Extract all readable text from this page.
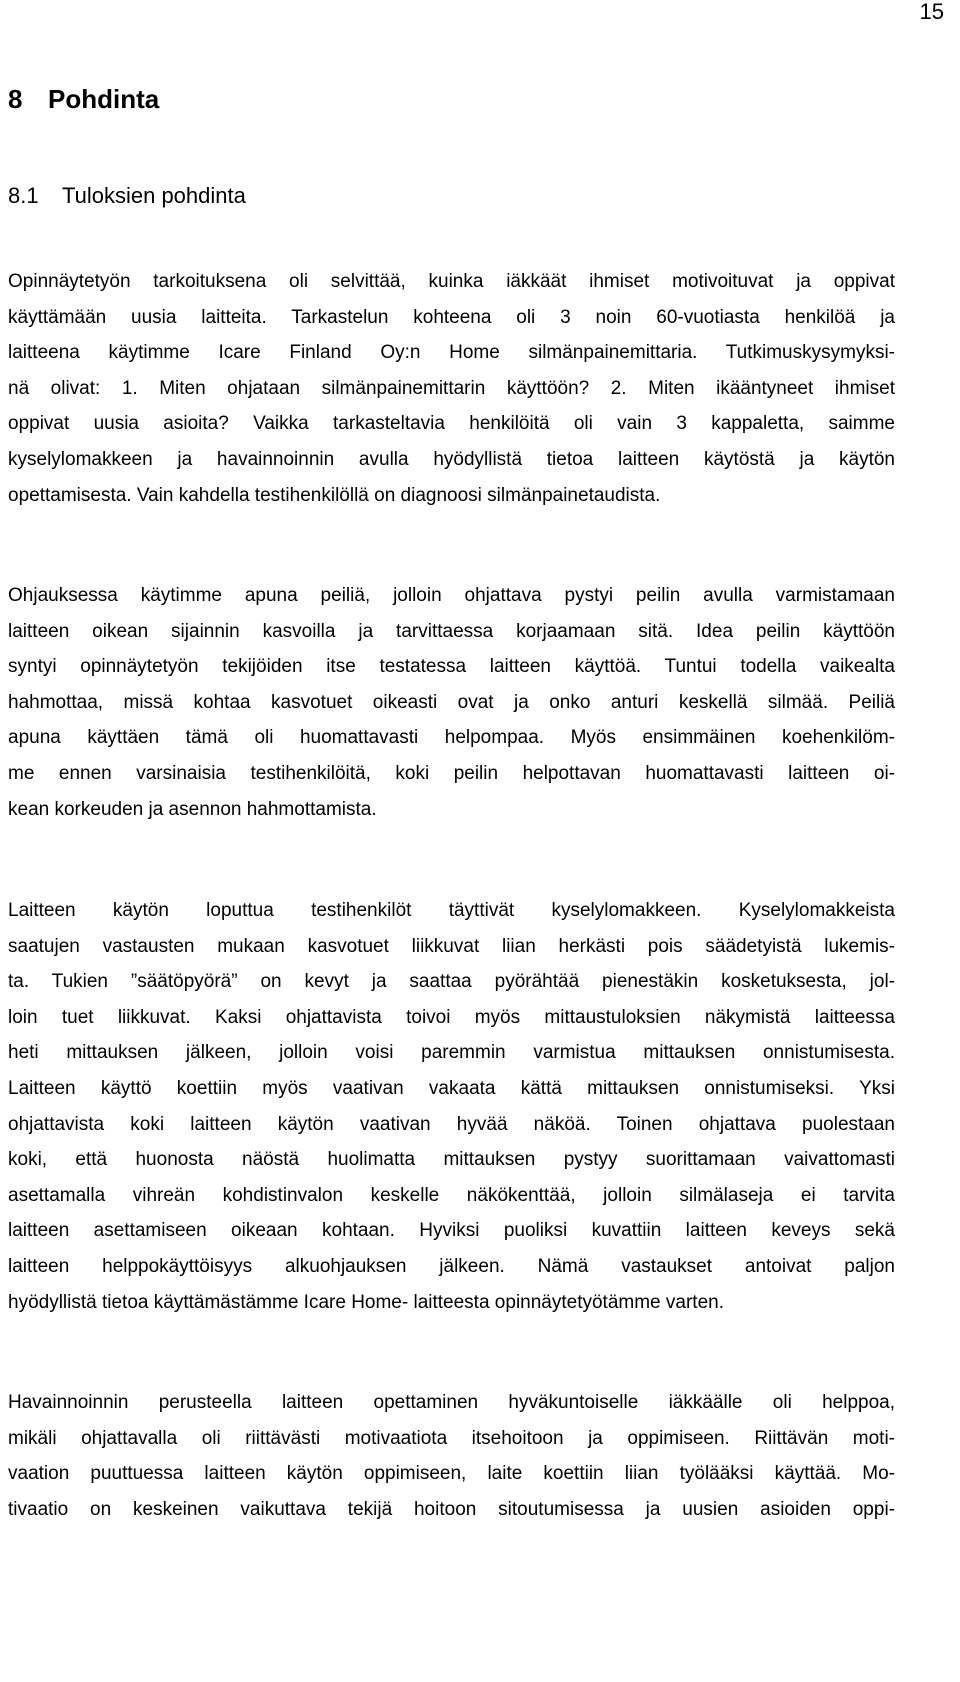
15
8 Pohdinta
8.1 Tuloksien pohdinta
Opinnäytetyön tarkoituksena oli selvittää, kuinka iäkkäät ihmiset motivoituvat ja oppivat
käyttämään uusia laitteita. Tarkastelun kohteena oli 3 noin 60-vuotiasta henkilöä ja
laitteena käytimme Icare Finland Oy:n Home silmänpainemittaria. Tutkimuskysymyksi-
nä olivat: 1. Miten ohjataan silmänpainemittarin käyttöön? 2. Miten ikääntyneet ihmiset
oppivat uusia asioita? Vaikka tarkasteltavia henkilöitä oli vain 3 kappaletta, saimme
kyselylomakkeen ja havainnoinnin avulla hyödyllistä tietoa laitteen käytöstä ja käytön
opettamisesta. Vain kahdella testihenkilöllä on diagnoosi silmänpainetaudista.
Ohjauksessa käytimme apuna peiliä, jolloin ohjattava pystyi peilin avulla varmistamaan
laitteen oikean sijainnin kasvoilla ja tarvittaessa korjaamaan sitä. Idea peilin käyttöön
syntyi opinnäytetyön tekijöiden itse testatessa laitteen käyttöä. Tuntui todella vaikealta
hahmottaa, missä kohtaa kasvotuet oikeasti ovat ja onko anturi keskellä silmää. Peiliä
apuna käyttäen tämä oli huomattavasti helpompaa. Myös ensimmäinen koehenkilöm-
me ennen varsinaisia testihenkilöitä, koki peilin helpottavan huomattavasti laitteen oi-
kean korkeuden ja asennon hahmottamista.
Laitteen käytön loputtua testihenkilöt täyttivät kyselylomakkeen. Kyselylomakkeista
saatujen vastausten mukaan kasvotuet liikkuvat liian herkästi pois säädetyistä lukemis-
ta. Tukien ”säätöpyörä” on kevyt ja saattaa pyörähtää pienestäkin kosketuksesta, jol-
loin tuet liikkuvat. Kaksi ohjattavista toivoi myös mittaustuloksien näkymistä laitteessa
heti mittauksen jälkeen, jolloin voisi paremmin varmistua mittauksen onnistumisesta.
Laitteen käyttö koettiin myös vaativan vakaata kättä mittauksen onnistumiseksi. Yksi
ohjattavista koki laitteen käytön vaativan hyvää näköä. Toinen ohjattava puolestaan
koki, että huonosta näöstä huolimatta mittauksen pystyy suorittamaan vaivattomasti
asettamalla vihreän kohdistinvalon keskelle näkökenttää, jolloin silmälaseja ei tarvita
laitteen asettamiseen oikeaan kohtaan. Hyviksi puoliksi kuvattiin laitteen keveys sekä
laitteen helppokäyttöisyys alkuohjauksen jälkeen. Nämä vastaukset antoivat paljon
hyödyllistä tietoa käyttämästämme Icare Home- laitteesta opinnäytetyötämme varten.
Havainnoinnin perusteella laitteen opettaminen hyväkuntoiselle iäkkäälle oli helppoa,
mikäli ohjattavalla oli riittävästi motivaatiota itsehoitoon ja oppimiseen. Riittävän moti-
vaation puuttuessa laitteen käytön oppimiseen, laite koettiin liian työlääksi käyttää. Mo-
tivaatio on keskeinen vaikuttava tekijä hoitoon sitoutumisessa ja uusien asioiden oppi-
